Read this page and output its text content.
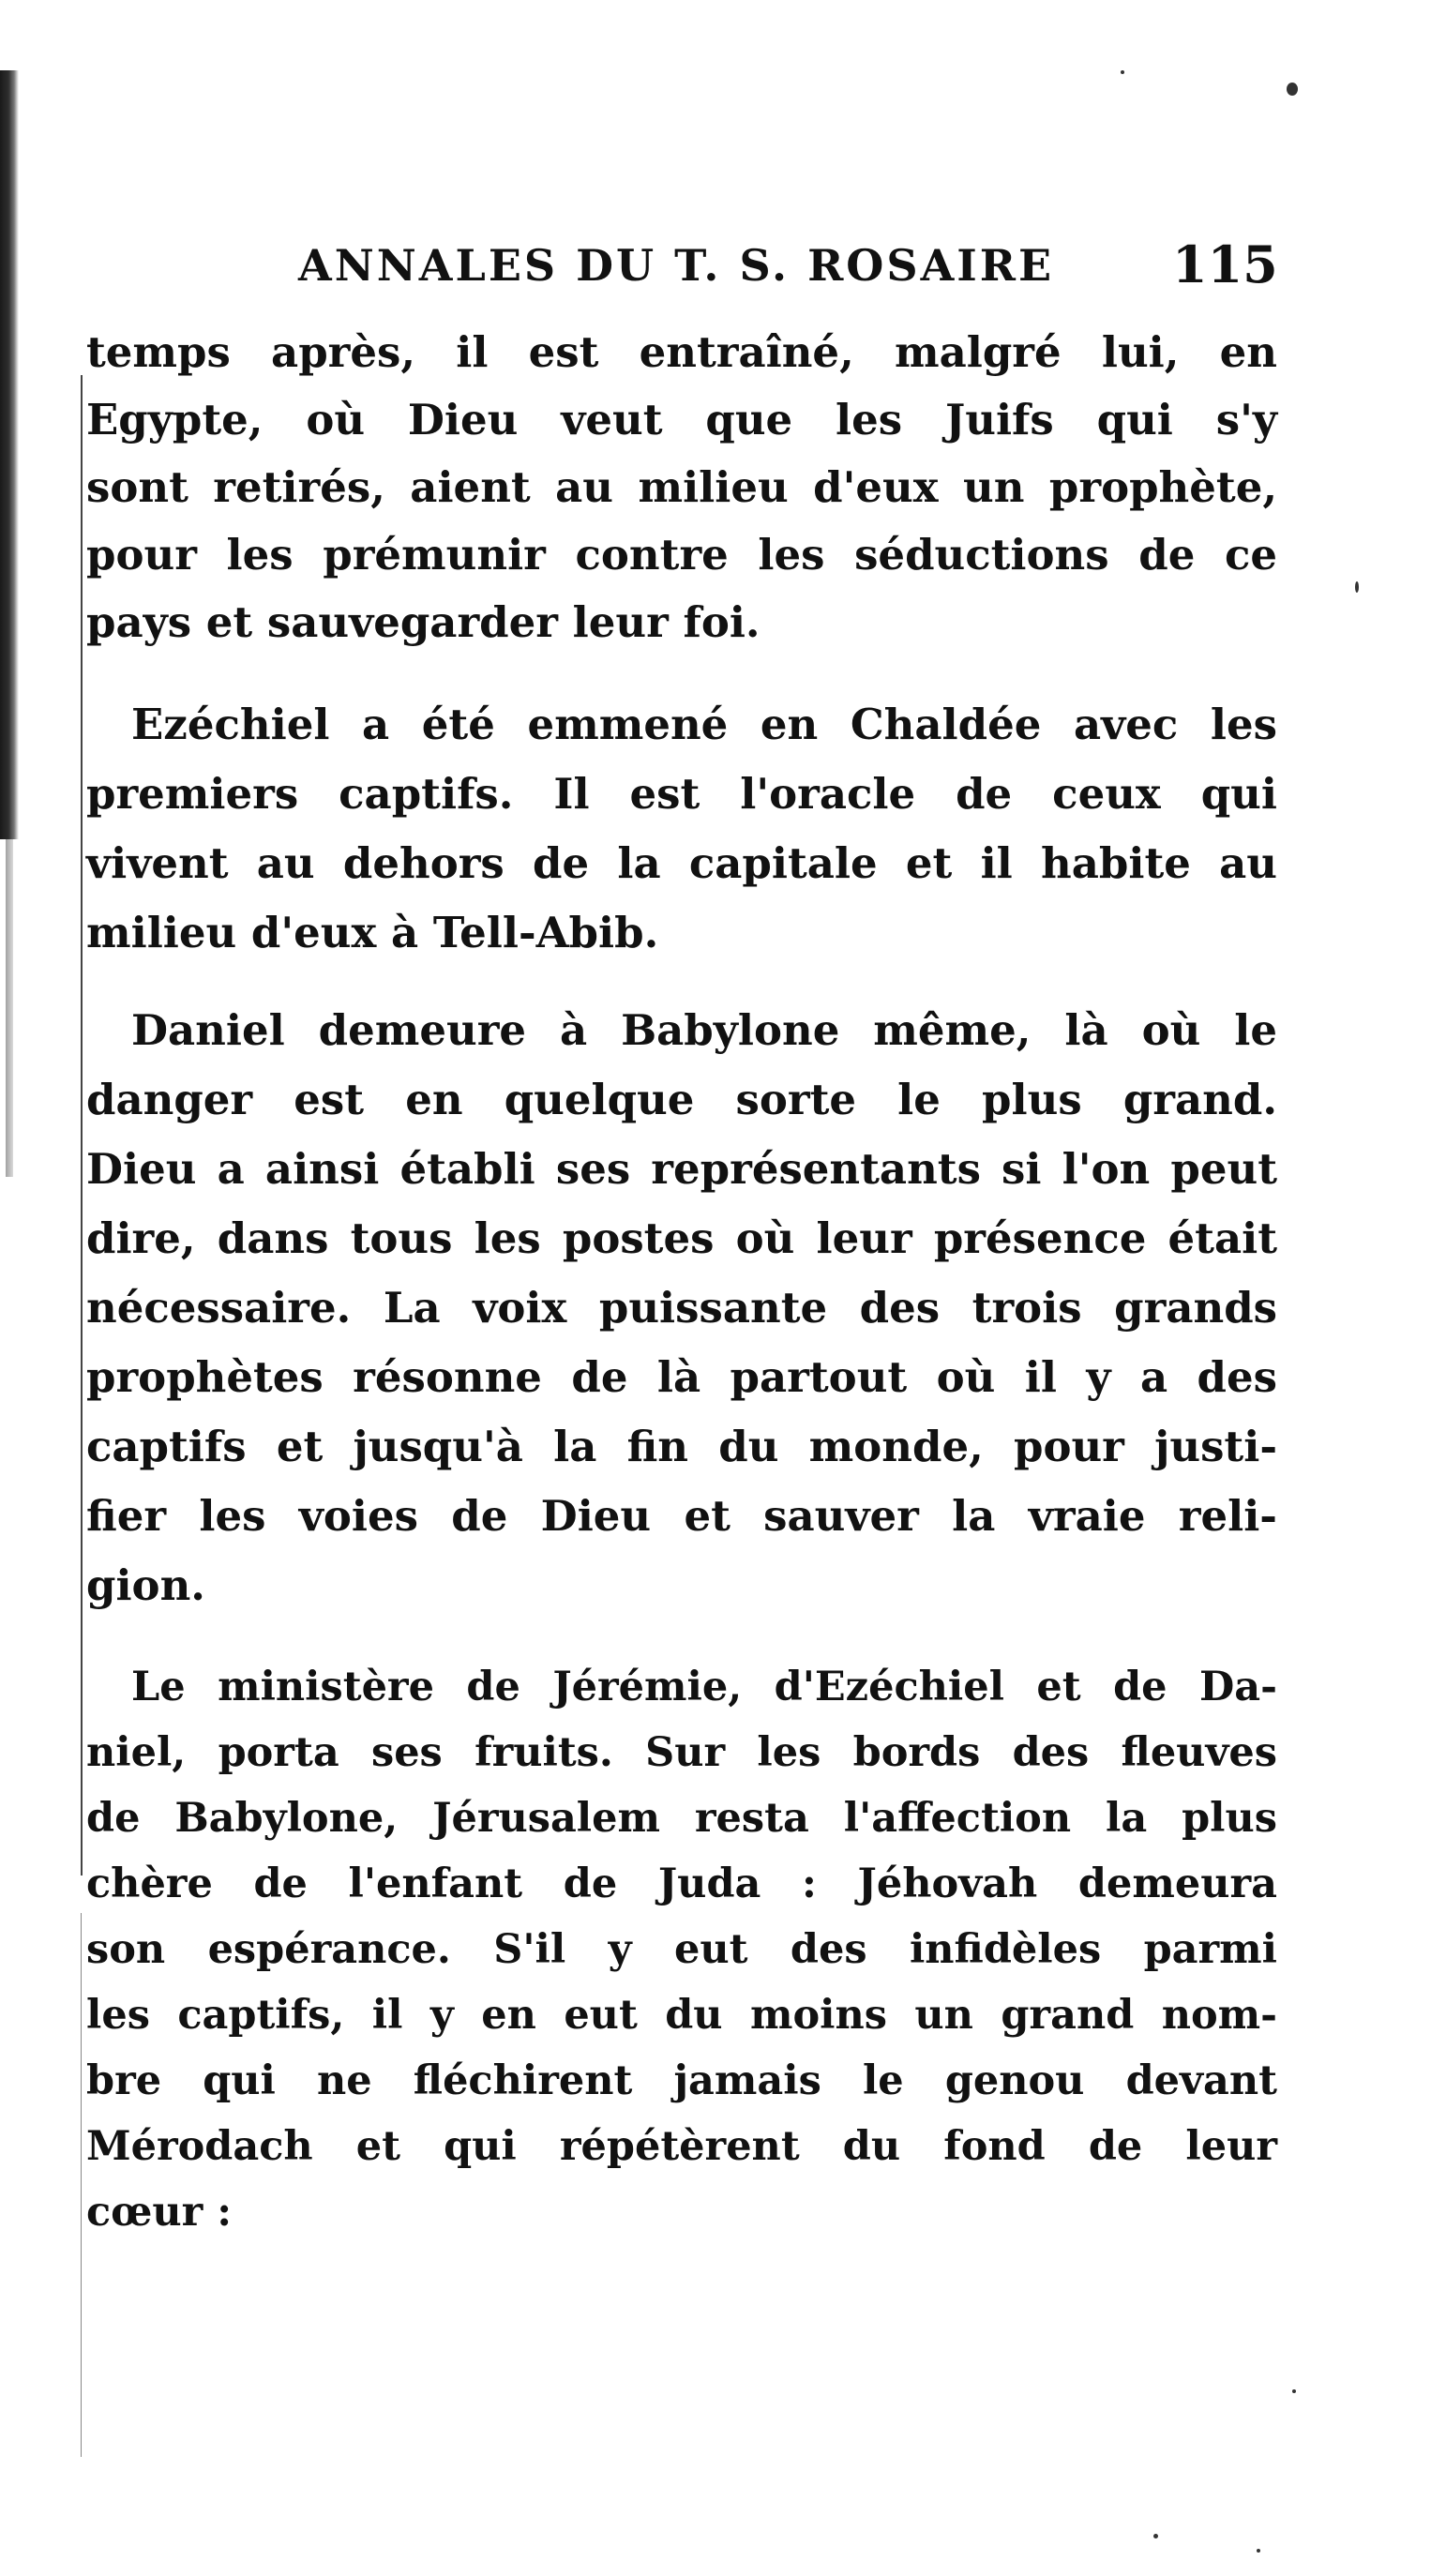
ANNALES DU T. S. ROSAIRE 115

temps après, il est entraîné, malgré lui, en
Egypte, où Dieu veut que les Juifs qui s'y
sont retirés, aient au milieu d'eux un prophète,
pour les prémunir contre les séductions de ce
pays et sauvegarder leur foi.

Ezéchiel a été emmené en Chaldée avec les
premiers captifs. Il est l'oracle de ceux qui
vivent au dehors de la capitale et il habite au
milieu d'eux à Tell-Abib.

Daniel demeure à Babylone même, là où le
danger est en quelque sorte le plus grand.
Dieu a ainsi établi ses représentants si l'on peut
dire, dans tous les postes où leur présence était
nécessaire. La voix puissante des trois grands
prophètes résonne de là partout où il y a des
captifs et jusqu'à la fin du monde, pour justi-
fier les voies de Dieu et sauver la vraie reli-
gion.

Le ministère de Jérémie, d'Ezéchiel et de Da-
niel, porta ses fruits. Sur les bords des fleuves
de Babylone, Jérusalem resta l'affection la plus
chère de l'enfant de Juda : Jéhovah demeura
son espérance. S'il y eut des infidèles parmi
les captifs, il y en eut du moins un grand nom-
bre qui ne fléchirent jamais le genou devant
Mérodach et qui répétèrent du fond de leur
cœur :
